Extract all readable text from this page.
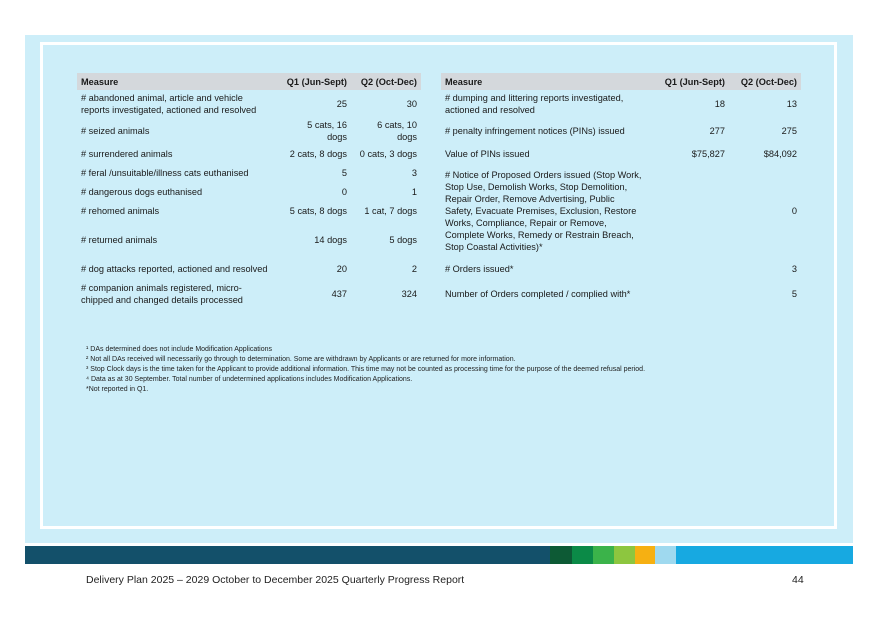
Measure	Q1 (Jun-Sept)	Q2 (Oct-Dec)
# abandoned animal, article and vehicle reports investigated, actioned and resolved	25	30
# seized animals	5 cats, 16 dogs	6 cats, 10 dogs
# surrendered animals	2 cats, 8 dogs	0 cats, 3 dogs
# feral /unsuitable/illness cats euthanised	5	3
# dangerous dogs euthanised	0	1
# rehomed animals	5 cats, 8 dogs	1 cat, 7 dogs
# returned animals	14 dogs	5 dogs
# dog attacks reported, actioned and resolved	20	2
# companion animals registered, micro-chipped and changed details processed	437	324
Measure	Q1 (Jun-Sept)	Q2 (Oct-Dec)
# dumping and littering reports investigated, actioned and resolved	18	13
# penalty infringement notices (PINs) issued	277	275
Value of PINs issued	$75,827	$84,092
# Notice of Proposed Orders issued (Stop Work, Stop Use, Demolish Works, Stop Demolition, Repair Order, Remove Advertising, Public Safety, Evacuate Premises, Exclusion, Restore Works, Compliance, Repair or Remove, Complete Works, Remedy or Restrain Breach, Stop Coastal Activities)*		0
# Orders issued*		3
Number of Orders completed / complied with*		5
¹ DAs determined does not include Modification Applications
² Not all DAs received will necessarily go through to determination. Some are withdrawn by Applicants or are returned for more information.
³ Stop Clock days is the time taken for the Applicant to provide additional information. This time may not be counted as processing time for the purpose of the deemed refusal period.
⁴ Data as at 30 September. Total number of undetermined applications includes Modification Applications.
*Not reported in Q1.
Delivery Plan 2025 – 2029 October to December 2025 Quarterly Progress Report	44
